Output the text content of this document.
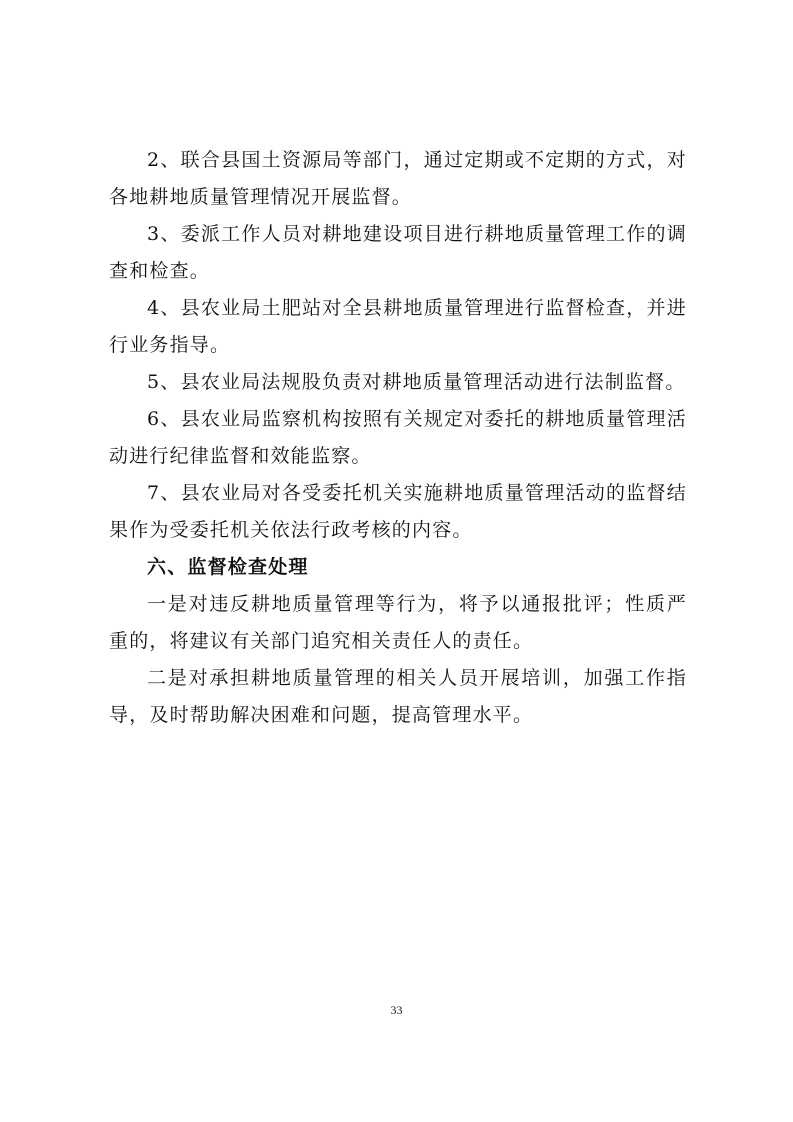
2、联合县国土资源局等部门，通过定期或不定期的方式，对各地耕地质量管理情况开展监督。

3、委派工作人员对耕地建设项目进行耕地质量管理工作的调查和检查。

4、县农业局土肥站对全县耕地质量管理进行监督检查，并进行业务指导。

5、县农业局法规股负责对耕地质量管理活动进行法制监督。

6、县农业局监察机构按照有关规定对委托的耕地质量管理活动进行纪律监督和效能监察。

7、县农业局对各受委托机关实施耕地质量管理活动的监督结果作为受委托机关依法行政考核的内容。

六、监督检查处理

一是对违反耕地质量管理等行为，将予以通报批评；性质严重的，将建议有关部门追究相关责任人的责任。

二是对承担耕地质量管理的相关人员开展培训，加强工作指导，及时帮助解决困难和问题，提高管理水平。

33
